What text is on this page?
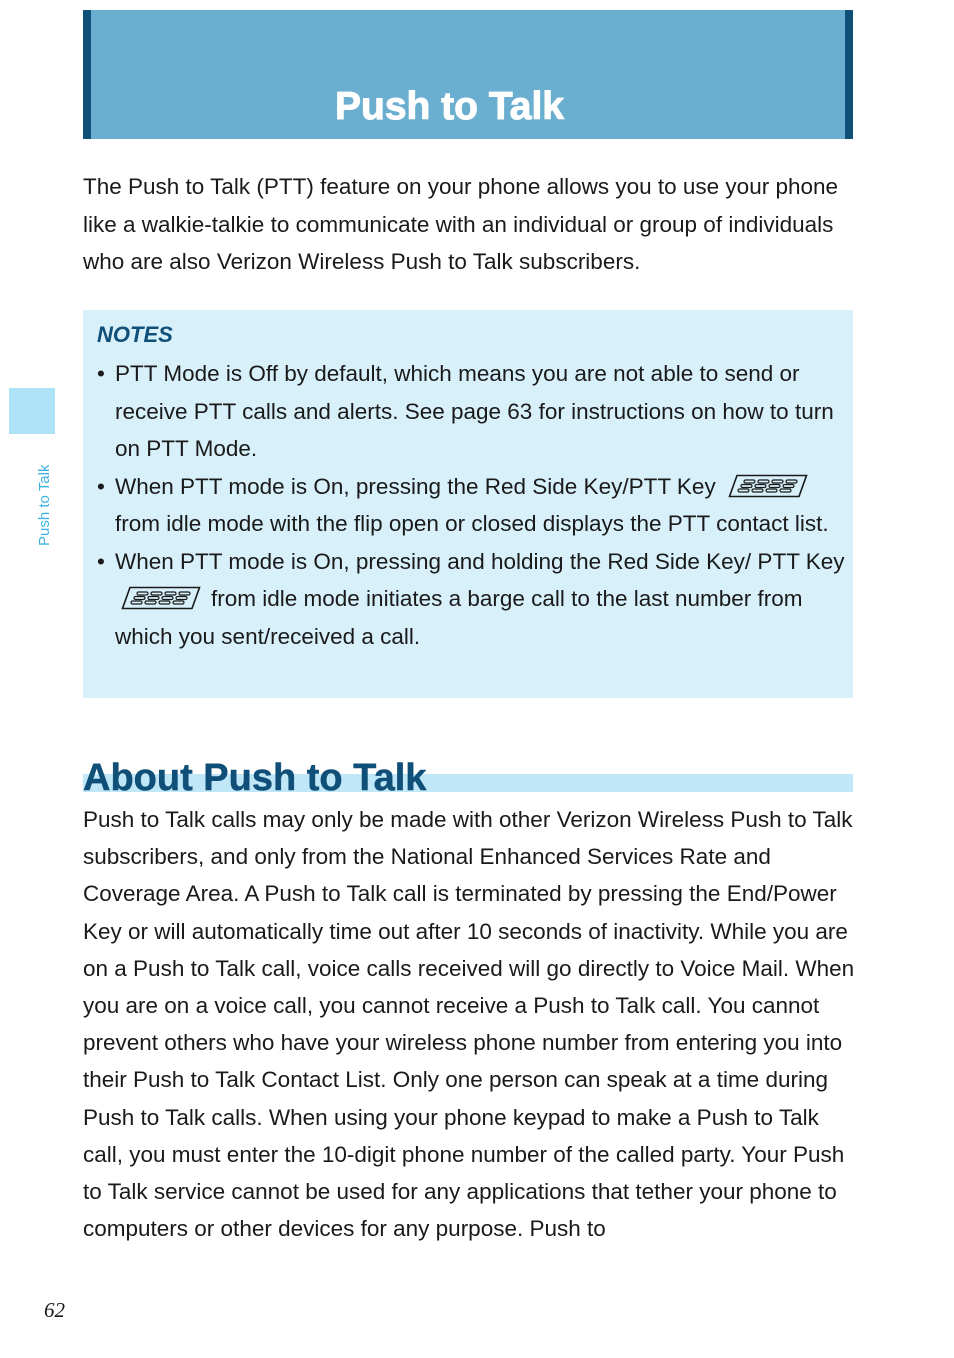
Push to Talk

The Push to Talk (PTT) feature on your phone allows you to use your phone like a walkie-talkie to communicate with an individual or group of individuals who are also Verizon Wireless Push to Talk subscribers.

NOTES

• PTT Mode is Off by default, which means you are not able to send or receive PTT calls and alerts. See page 63 for instructions on how to turn on PTT Mode.
• When PTT mode is On, pressing the Red Side Key/PTT Key from idle mode with the flip open or closed displays the PTT contact list.
• When PTT mode is On, pressing and holding the Red Side Key/ PTT Key from idle mode initiates a barge call to the last number from which you sent/received a call.
Push to Talk
About Push to Talk

Push to Talk calls may only be made with other Verizon Wireless Push to Talk subscribers, and only from the National Enhanced Services Rate and Coverage Area. A Push to Talk call is terminated by pressing the End/Power Key or will automatically time out after 10 seconds of inactivity. While you are on a Push to Talk call, voice calls received will go directly to Voice Mail. When you are on a voice call, you cannot receive a Push to Talk call. You cannot prevent others who have your wireless phone number from entering you into their Push to Talk Contact List. Only one person can speak at a time during Push to Talk calls. When using your phone keypad to make a Push to Talk call, you must enter the 10-digit phone number of the called party. Your Push to Talk service cannot be used for any applications that tether your phone to computers or other devices for any purpose. Push to

62
